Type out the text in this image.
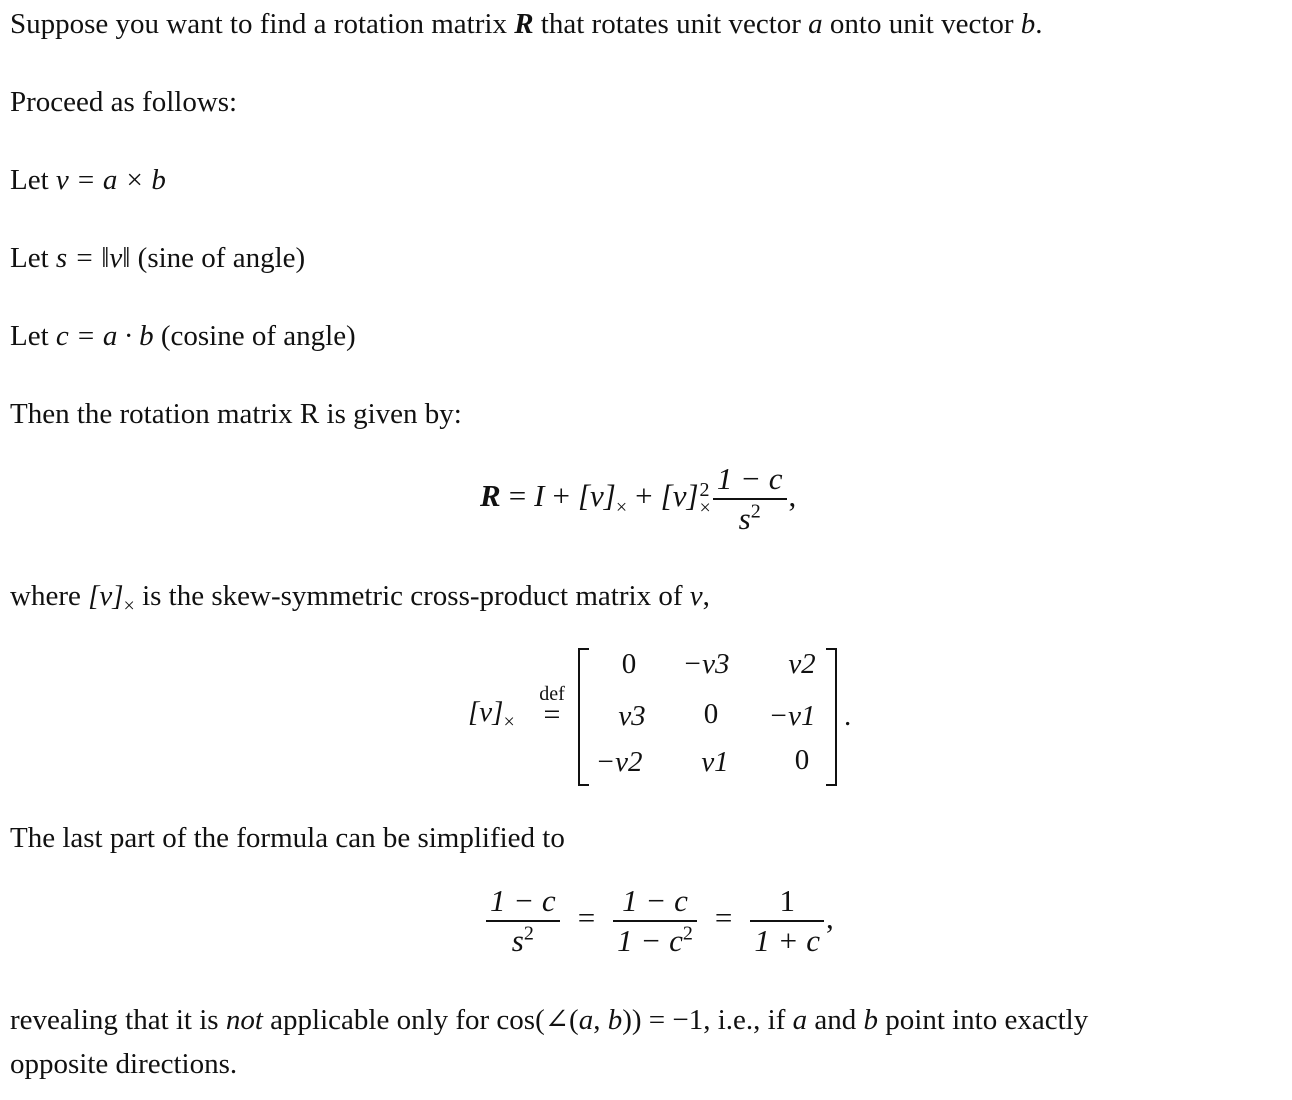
Suppose you want to find a rotation matrix R that rotates unit vector a onto unit vector b.
Proceed as follows:
Let v = a × b
Let s = ‖v‖ (sine of angle)
Let c = a · b (cosine of angle)
Then the rotation matrix R is given by:
$R = I + [v]_\times + [v]$ 2
× $\frac{1 - c}{s^2}$ ,
where $[v]_\times$ is the skew-symmetric cross-product matrix of v,
$[v]_\times$
def
=
0	−v3	v2
v3	0	−v1
−v2	v1	0
.
The last part of the formula can be simplified to
$\frac{1 - c}{s^2} = \frac{1 - c}{1 - c^2} = \frac{1}{1 + c}$ ,
revealing that it is not applicable only for cos(∠(a, b)) = −1, i.e., if a and b point into exactly
opposite directions.
